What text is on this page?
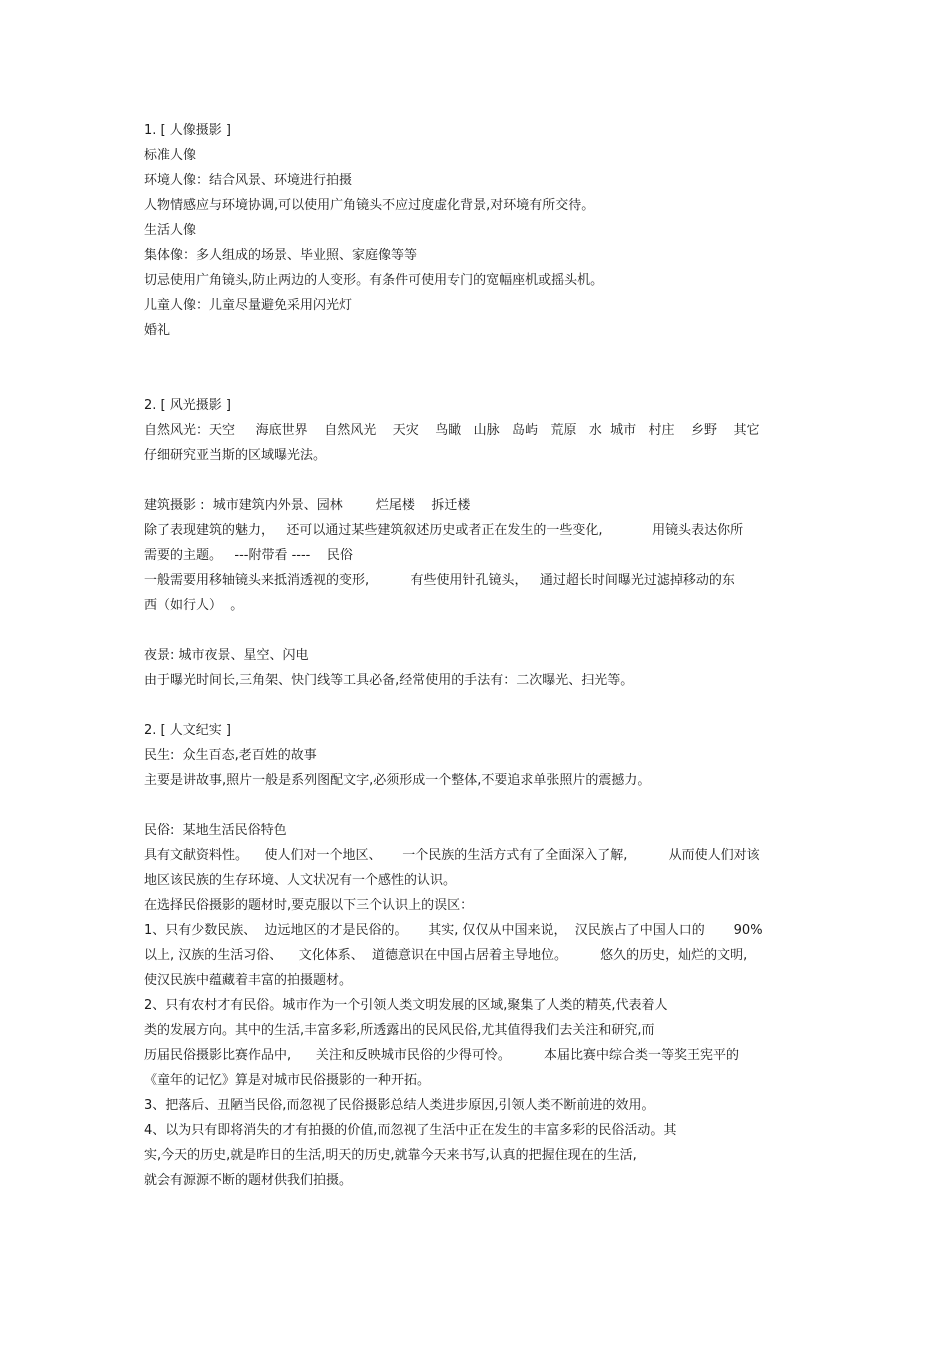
1. [ 人像摄影 ]
标准人像
环境人像：结合风景、环境进行拍摄
人物情感应与环境协调,可以使用广角镜头不应过度虚化背景,对环境有所交待。
生活人像
集体像：多人组成的场景、毕业照、家庭像等等
切忌使用广角镜头,防止两边的人变形。有条件可使用专门的宽幅座机或摇头机。
儿童人像：儿童尽量避免采用闪光灯
婚礼
2. [ 风光摄影 ]
自然风光：天空     海底世界    自然风光    天灾    鸟瞰   山脉   岛屿   荒原   水  城市   村庄    乡野    其它
仔细研究亚当斯的区域曝光法。
建筑摄影 :  城市建筑内外景、园林        烂尾楼    拆迁楼
除了表现建筑的魅力，   还可以通过某些建筑叙述历史或者正在发生的一些变化,            用镜头表达你所
需要的主题。   ---附带看 ----    民俗
一般需要用移轴镜头来抵消透视的变形,          有些使用针孔镜头，   通过超长时间曝光过滤掉移动的东
西（如行人）  。
夜景: 城市夜景、星空、闪电
由于曝光时间长,三角架、快门线等工具必备,经常使用的手法有：二次曝光、扫光等。
2. [ 人文纪实 ]
民生:  众生百态,老百姓的故事
主要是讲故事,照片一般是系列图配文字,必须形成一个整体,不要追求单张照片的震撼力。
民俗:  某地生活民俗特色
具有文献资料性。    使人们对一个地区、     一个民族的生活方式有了全面深入了解,          从而使人们对该
地区该民族的生存环境、人文状况有一个感性的认识。
在选择民俗摄影的题材时,要克服以下三个认识上的误区：
1、只有少数民族、  边远地区的才是民俗的。     其实, 仅仅从中国来说，  汉民族占了中国人口的       90%
以上, 汉族的生活习俗、    文化体系、  道德意识在中国占居着主导地位。        悠久的历史，灿烂的文明,
使汉民族中蕴藏着丰富的拍摄题材。
2、只有农村才有民俗。城市作为一个引领人类文明发展的区域,聚集了人类的精英,代表着人
类的发展方向。其中的生活,丰富多彩,所透露出的民风民俗,尤其值得我们去关注和研究,而
历届民俗摄影比赛作品中,      关注和反映城市民俗的少得可怜。        本届比赛中综合类一等奖王宪平的
《童年的记忆》算是对城市民俗摄影的一种开拓。
3、把落后、丑陋当民俗,而忽视了民俗摄影总结人类进步原因,引领人类不断前进的效用。
4、以为只有即将消失的才有拍摄的价值,而忽视了生活中正在发生的丰富多彩的民俗活动。其
实,今天的历史,就是昨日的生活,明天的历史,就靠今天来书写,认真的把握住现在的生活,
就会有源源不断的题材供我们拍摄。
